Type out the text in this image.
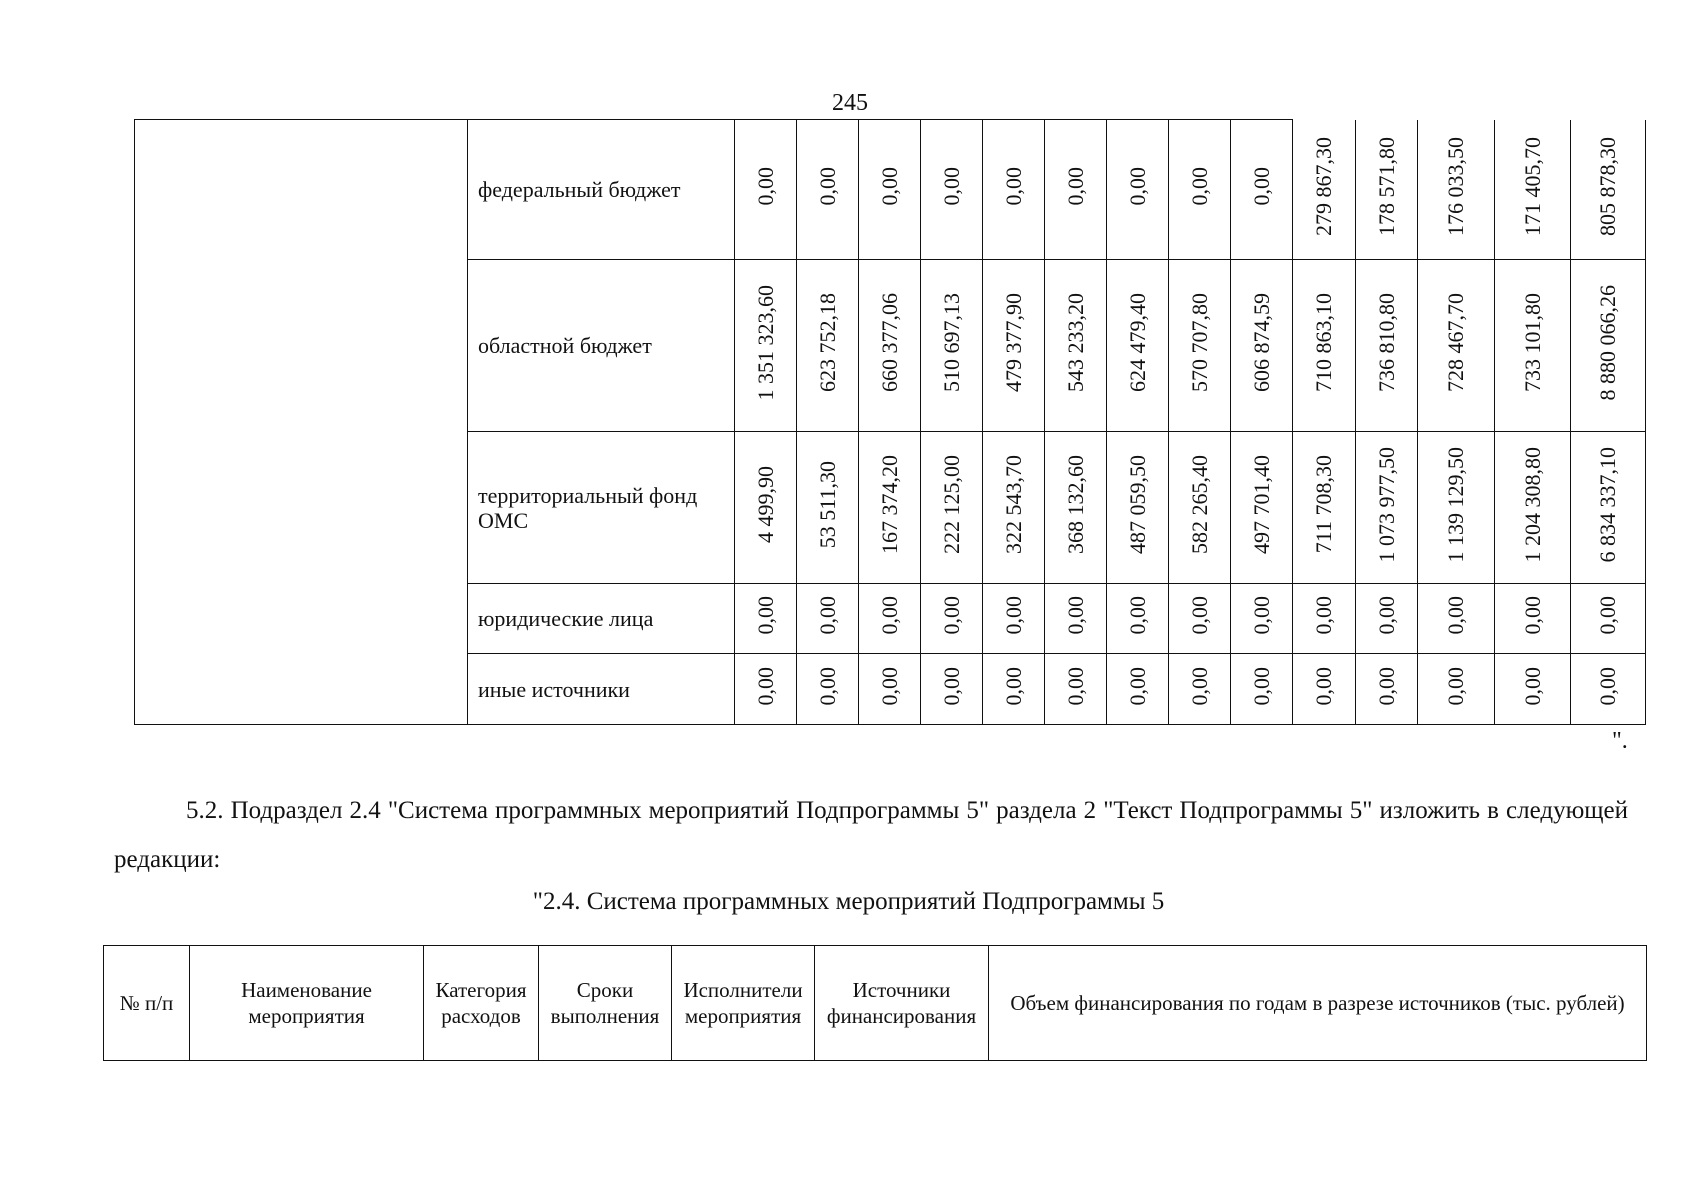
245
	федеральный бюджет	0,00	0,00	0,00	0,00	0,00	0,00	0,00	0,00	0,00	279 867,30	178 571,80	176 033,50	171 405,70	805 878,30
	областной бюджет	1 351 323,60	623 752,18	660 377,06	510 697,13	479 377,90	543 233,20	624 479,40	570 707,80	606 874,59	710 863,10	736 810,80	728 467,70	733 101,80	8 880 066,26
	территориальный фонд ОМС	4 499,90	53 511,30	167 374,20	222 125,00	322 543,70	368 132,60	487 059,50	582 265,40	497 701,40	711 708,30	1 073 977,50	1 139 129,50	1 204 308,80	6 834 337,10
	юридические лица	0,00	0,00	0,00	0,00	0,00	0,00	0,00	0,00	0,00	0,00	0,00	0,00	0,00	0,00
	иные источники	0,00	0,00	0,00	0,00	0,00	0,00	0,00	0,00	0,00	0,00	0,00	0,00	0,00	0,00
".
5.2. Подраздел 2.4 "Система программных мероприятий Подпрограммы 5" раздела 2 "Текст Подпрограммы 5" изложить в следующей редакции:
"2.4. Система программных мероприятий Подпрограммы 5
№ п/п	Наименование мероприятия	Категория расходов	Сроки выполнения	Исполнители мероприятия	Источники финансирования	Объем финансирования по годам в разрезе источников (тыс. рублей)
